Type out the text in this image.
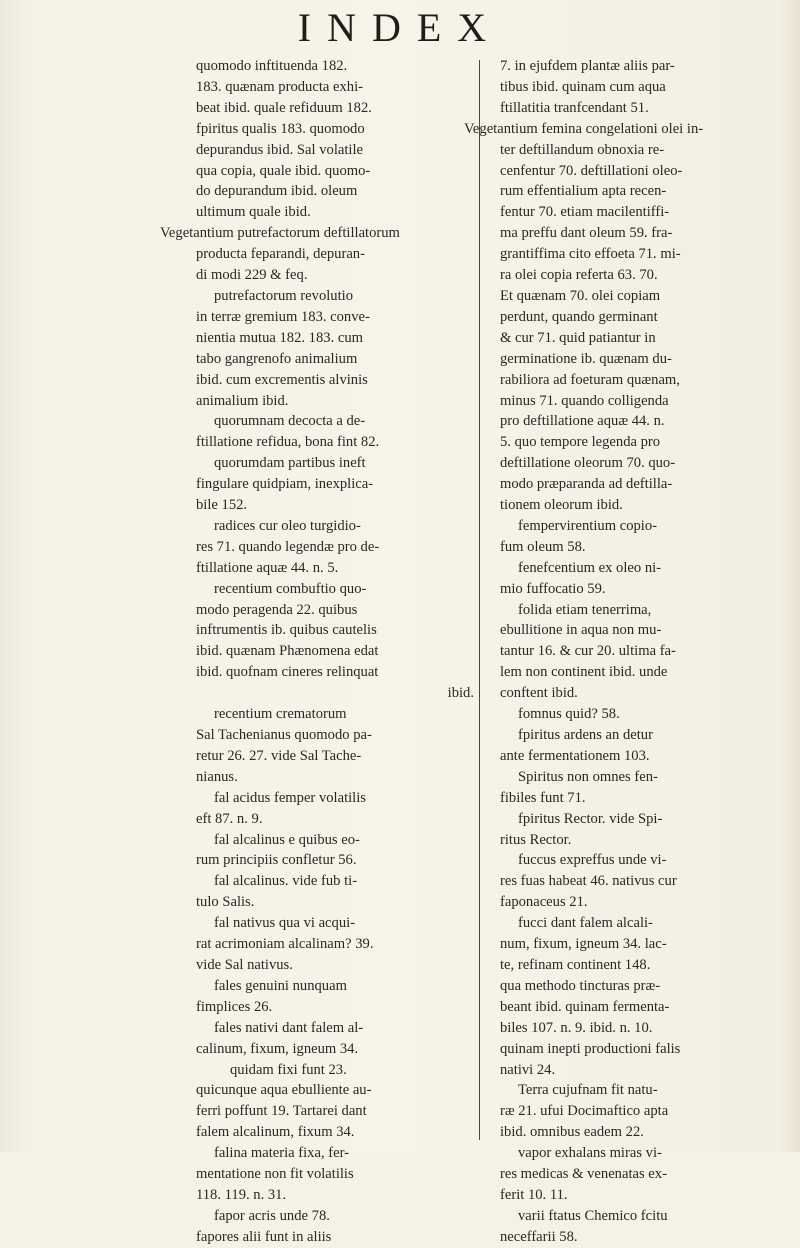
INDEX
quomodo inftituenda 182.
183. quænam producta exhi-
beat ibid. quale refiduum 182.
fpiritus qualis 183. quomodo
depurandus ibid. Sal volatile
qua copia, quale ibid. quomo-
do depurandum ibid. oleum
ultimum quale ibid.
Vegetantium putrefactorum deftillatorum
producta feparandi, depuran-
di modi 229 & feq.
putrefactorum revolutio
in terræ gremium 183. conve-
nientia mutua 182. 183. cum
tabo gangrenofo animalium
ibid. cum excrementis alvinis
animalium ibid.
quorumnam decocta a de-
ftillatione refidua, bona fint 82.
quorumdam partibus ineft
fingulare quidpiam, inexplica-
bile 152.
radices cur oleo turgidio-
res 71. quando legendæ pro de-
ftillatione aquæ 44. n. 5.
recentium combuftio quo-
modo peragenda 22. quibus
inftrumentis ib. quibus cautelis
ibid. quænam Phænomena edat
ibid. quofnam cineres relinquat
ibid.
recentium crematorum
Sal Tachenianus quomodo pa-
retur 26. 27. vide Sal Tache-
nianus.
fal acidus femper volatilis
eft 87. n. 9.
fal alcalinus e quibus eo-
rum principiis confletur 56.
fal alcalinus. vide fub ti-
tulo Salis.
fal nativus qua vi acqui-
rat acrimoniam alcalinam? 39.
vide Sal nativus.
fales genuini nunquam
fimplices 26.
fales nativi dant falem al-
calinum, fixum, igneum 34.
quidam fixi funt 23.
quicunque aqua ebulliente au-
ferri poffunt 19. Tartarei dant
falem alcalinum, fixum 34.
falina materia fixa, fer-
mentatione non fit volatilis
118. 119. n. 31.
fapor acris unde 78.
fapores alii funt in aliis
7. in ejufdem plantæ aliis par-
tibus ibid. quinam cum aqua
ftillatitia tranfcendant 51.
Vegetantium femina congelationi olei in-
ter deftillandum obnoxia re-
cenfentur 70. deftillationi oleo-
rum effentialium apta recen-
fentur 70. etiam macilentiffi-
ma preffu dant oleum 59. fra-
grantiffima cito effoeta 71. mi-
ra olei copia referta 63. 70.
Et quænam 70. olei copiam
perdunt, quando germinant
& cur 71. quid patiantur in
germinatione ib. quænam du-
rabiliora ad foeturam quænam,
minus 71. quando colligenda
pro deftillatione aquæ 44. n.
5. quo tempore legenda pro
deftillatione oleorum 70. quo-
modo præparanda ad deftilla-
tionem oleorum ibid.
fempervirentium copio-
fum oleum 58.
fenefcentium ex oleo ni-
mio fuffocatio 59.
folida etiam tenerrima,
ebullitione in aqua non mu-
tantur 16. & cur 20. ultima fa-
lem non continent ibid. unde
conftent ibid.
fomnus quid? 58.
fpiritus ardens an detur
ante fermentationem 103.
Spiritus non omnes fen-
fibiles funt 71.
fpiritus Rector. vide Spi-
ritus Rector.
fuccus expreffus unde vi-
res fuas habeat 46. nativus cur
faponaceus 21.
fucci dant falem alcali-
num, fixum, igneum 34. lac-
te, refinam continent 148.
qua methodo tincturas præ-
beant ibid. quinam fermenta-
biles 107. n. 9. ibid. n. 10.
quinam inepti productioni falis
nativi 24.
Terra cujufnam fit natu-
ræ 21. ufui Docimaftico apta
ibid. omnibus eadem 22.
vapor exhalans miras vi-
res medicas & venenatas ex-
ferit 10. 11.
varii ftatus Chemico fcitu
neceffarii 58.
